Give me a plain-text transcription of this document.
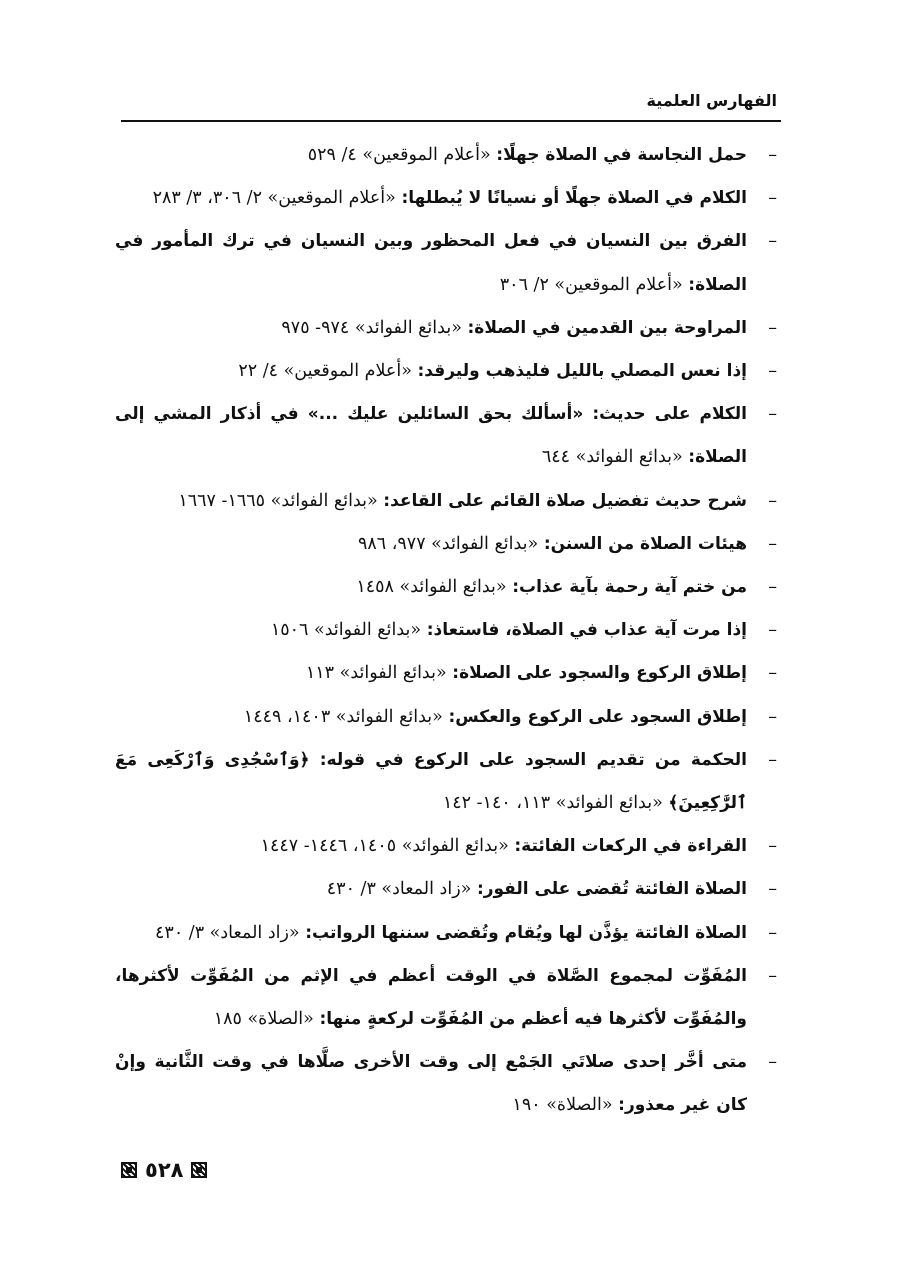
الفهارس العلمية
–
حمل النجاسة في الصلاة جهلًا: «أعلام الموقعين» ٤/ ٥٢٩
–
الكلام في الصلاة جهلًا أو نسيانًا لا يُبطلها: «أعلام الموقعين» ٢/ ٣٠٦، ٣/ ٢٨٣
–
الفرق بين النسيان في فعل المحظور وبين النسيان في ترك المأمور في الصلاة: «أعلام الموقعين» ٢/ ٣٠٦
–
المراوحة بين القدمين في الصلاة: «بدائع الفوائد» ٩٧٤- ٩٧٥
–
إذا نعس المصلي بالليل فليذهب وليرقد: «أعلام الموقعين» ٤/ ٢٢
–
الكلام على حديث: «أسألك بحق السائلين عليك ...» في أذكار المشي إلى الصلاة: «بدائع الفوائد» ٦٤٤
–
شرح حديث تفضيل صلاة القائم على القاعد: «بدائع الفوائد» ١٦٦٥- ١٦٦٧
–
هيئات الصلاة من السنن: «بدائع الفوائد» ٩٧٧، ٩٨٦
–
من ختم آية رحمة بآية عذاب: «بدائع الفوائد» ١٤٥٨
–
إذا مرت آية عذاب في الصلاة، فاستعاذ: «بدائع الفوائد» ١٥٠٦
–
إطلاق الركوع والسجود على الصلاة: «بدائع الفوائد» ١١٣
–
إطلاق السجود على الركوع والعكس: «بدائع الفوائد» ١٤٠٣، ١٤٤٩
–
الحكمة من تقديم السجود على الركوع في قوله: ﴿وَٱسْجُدِى وَٱرْكَعِى مَعَ ٱلرَّٰكِعِينَ﴾ «بدائع الفوائد» ١١٣، ١٤٠- ١٤٢
–
القراءة في الركعات الفائتة: «بدائع الفوائد» ١٤٠٥، ١٤٤٦- ١٤٤٧
–
الصلاة الفائتة تُقضى على الفور: «زاد المعاد» ٣/ ٤٣٠
–
الصلاة الفائتة يؤذَّن لها ويُقام وتُقضى سننها الرواتب: «زاد المعاد» ٣/ ٤٣٠
–
المُفَوِّت لمجموع الصَّلاة في الوقت أعظم في الإثم من المُفَوِّت لأكثرها، والمُفَوِّت لأكثرها فيه أعظم من المُفَوِّت لركعةٍ منها: «الصلاة» ١٨٥
–
متى أخَّر إحدى صلاتَي الجَمْع إلى وقت الأخرى صلَّاها في وقت الثَّانية وإنْ كان غير معذور: «الصلاة» ١٩٠
٥٢٨
